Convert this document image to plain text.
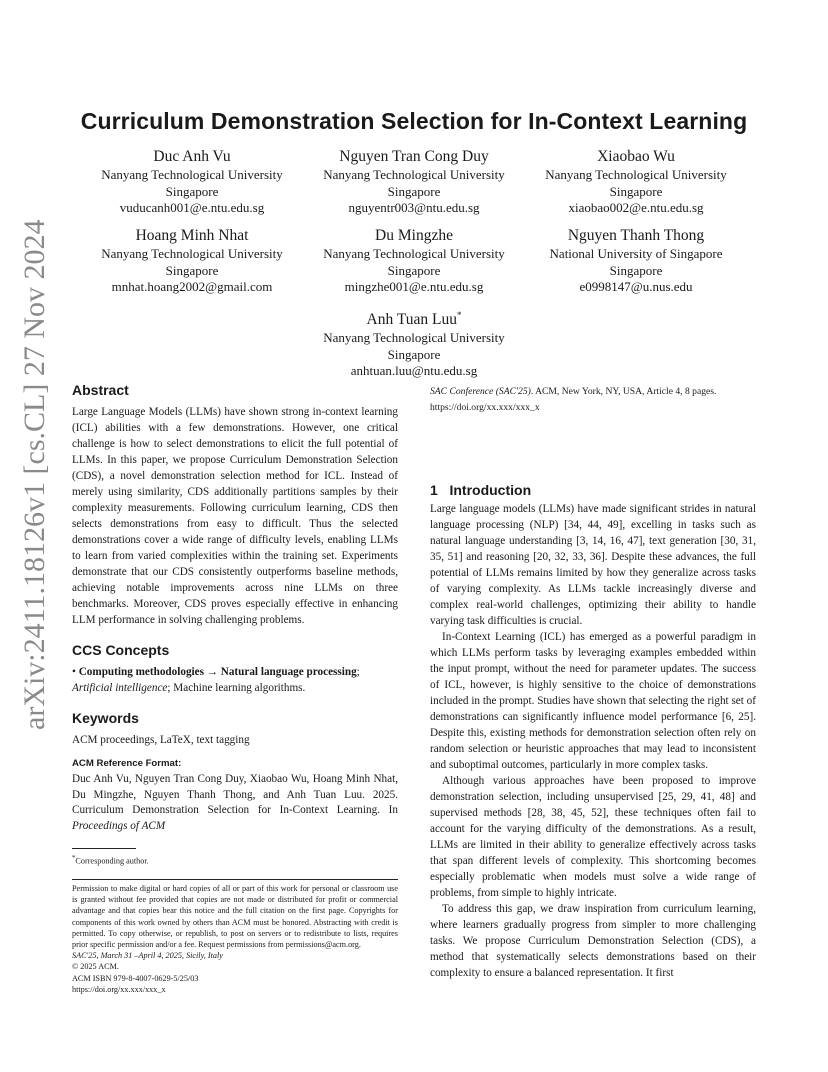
arXiv:2411.18126v1 [cs.CL] 27 Nov 2024
Curriculum Demonstration Selection for In-Context Learning
Duc Anh Vu
Nanyang Technological University
Singapore
vuducanh001@e.ntu.edu.sg
Nguyen Tran Cong Duy
Nanyang Technological University
Singapore
nguyentr003@ntu.edu.sg
Xiaobao Wu
Nanyang Technological University
Singapore
xiaobao002@e.ntu.edu.sg
Hoang Minh Nhat
Nanyang Technological University
Singapore
mnhat.hoang2002@gmail.com
Du Mingzhe
Nanyang Technological University
Singapore
mingzhe001@e.ntu.edu.sg
Nguyen Thanh Thong
National University of Singapore
Singapore
e0998147@u.nus.edu
Anh Tuan Luu*
Nanyang Technological University
Singapore
anhtuan.luu@ntu.edu.sg
Abstract

Large Language Models (LLMs) have shown strong in-context learning (ICL) abilities with a few demonstrations. However, one critical challenge is how to select demonstrations to elicit the full potential of LLMs. In this paper, we propose Curriculum Demonstration Selection (CDS), a novel demonstration selection method for ICL. Instead of merely using similarity, CDS additionally partitions samples by their complexity measurements. Following curriculum learning, CDS then selects demonstrations from easy to difficult. Thus the selected demonstrations cover a wide range of difficulty levels, enabling LLMs to learn from varied complexities within the training set. Experiments demonstrate that our CDS consistently outperforms baseline methods, achieving notable improvements across nine LLMs on three benchmarks. Moreover, CDS proves especially effective in enhancing LLM performance in solving challenging problems.

CCS Concepts

• Computing methodologies → Natural language processing; Artificial intelligence; Machine learning algorithms.

Keywords

ACM proceedings, LaTeX, text tagging

ACM Reference Format:

Duc Anh Vu, Nguyen Tran Cong Duy, Xiaobao Wu, Hoang Minh Nhat, Du Mingzhe, Nguyen Thanh Thong, and Anh Tuan Luu. 2025. Curriculum Demonstration Selection for In-Context Learning. In Proceedings of ACM

*Corresponding author.
Permission to make digital or hard copies of all or part of this work for personal or classroom use is granted without fee provided that copies are not made or distributed for profit or commercial advantage and that copies bear this notice and the full citation on the first page. Copyrights for components of this work owned by others than ACM must be honored. Abstracting with credit is permitted. To copy otherwise, or republish, to post on servers or to redistribute to lists, requires prior specific permission and/or a fee. Request permissions from permissions@acm.org.
SAC'25, March 31 –April 4, 2025, Sicily, Italy
© 2025 ACM.
ACM ISBN 979-8-4007-0629-5/25/03
https://doi.org/xx.xxx/xxx_x
SAC Conference (SAC'25). ACM, New York, NY, USA, Article 4, 8 pages. https://doi.org/xx.xxx/xxx_x
1 Introduction

Large language models (LLMs) have made significant strides in natural language processing (NLP) [34, 44, 49], excelling in tasks such as natural language understanding [3, 14, 16, 47], text generation [30, 31, 35, 51] and reasoning [20, 32, 33, 36]. Despite these advances, the full potential of LLMs remains limited by how they generalize across tasks of varying complexity. As LLMs tackle increasingly diverse and complex real-world challenges, optimizing their ability to handle varying task difficulties is crucial.

In-Context Learning (ICL) has emerged as a powerful paradigm in which LLMs perform tasks by leveraging examples embedded within the input prompt, without the need for parameter updates. The success of ICL, however, is highly sensitive to the choice of demonstrations included in the prompt. Studies have shown that selecting the right set of demonstrations can significantly influence model performance [6, 25]. Despite this, existing methods for demonstration selection often rely on random selection or heuristic approaches that may lead to inconsistent and suboptimal outcomes, particularly in more complex tasks.

Although various approaches have been proposed to improve demonstration selection, including unsupervised [25, 29, 41, 48] and supervised methods [28, 38, 45, 52], these techniques often fail to account for the varying difficulty of the demonstrations. As a result, LLMs are limited in their ability to generalize effectively across tasks that span different levels of complexity. This shortcoming becomes especially problematic when models must solve a wide range of problems, from simple to highly intricate.

To address this gap, we draw inspiration from curriculum learning, where learners gradually progress from simpler to more challenging tasks. We propose Curriculum Demonstration Selection (CDS), a method that systematically selects demonstrations based on their complexity to ensure a balanced representation. It first
